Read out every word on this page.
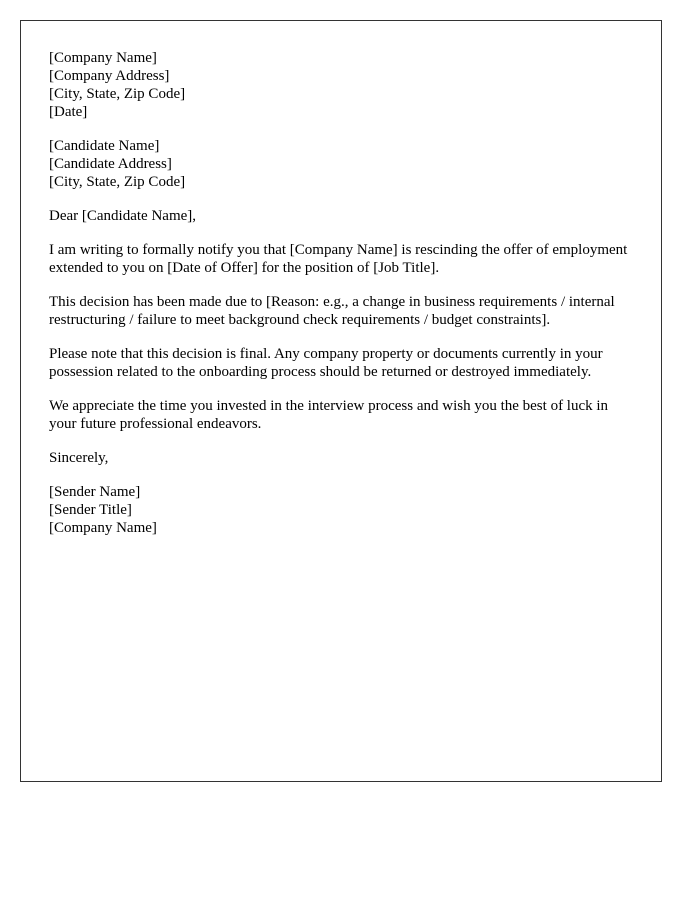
[Company Name]
[Company Address]
[City, State, Zip Code]
[Date]
[Candidate Name]
[Candidate Address]
[City, State, Zip Code]

Dear [Candidate Name],

I am writing to formally notify you that [Company Name] is rescinding the offer of employment extended to you on [Date of Offer] for the position of [Job Title].

This decision has been made due to [Reason: e.g., a change in business requirements / internal restructuring / failure to meet background check requirements / budget constraints].

Please note that this decision is final. Any company property or documents currently in your possession related to the onboarding process should be returned or destroyed immediately.

We appreciate the time you invested in the interview process and wish you the best of luck in your future professional endeavors.

Sincerely,

[Sender Name]
[Sender Title]
[Company Name]
